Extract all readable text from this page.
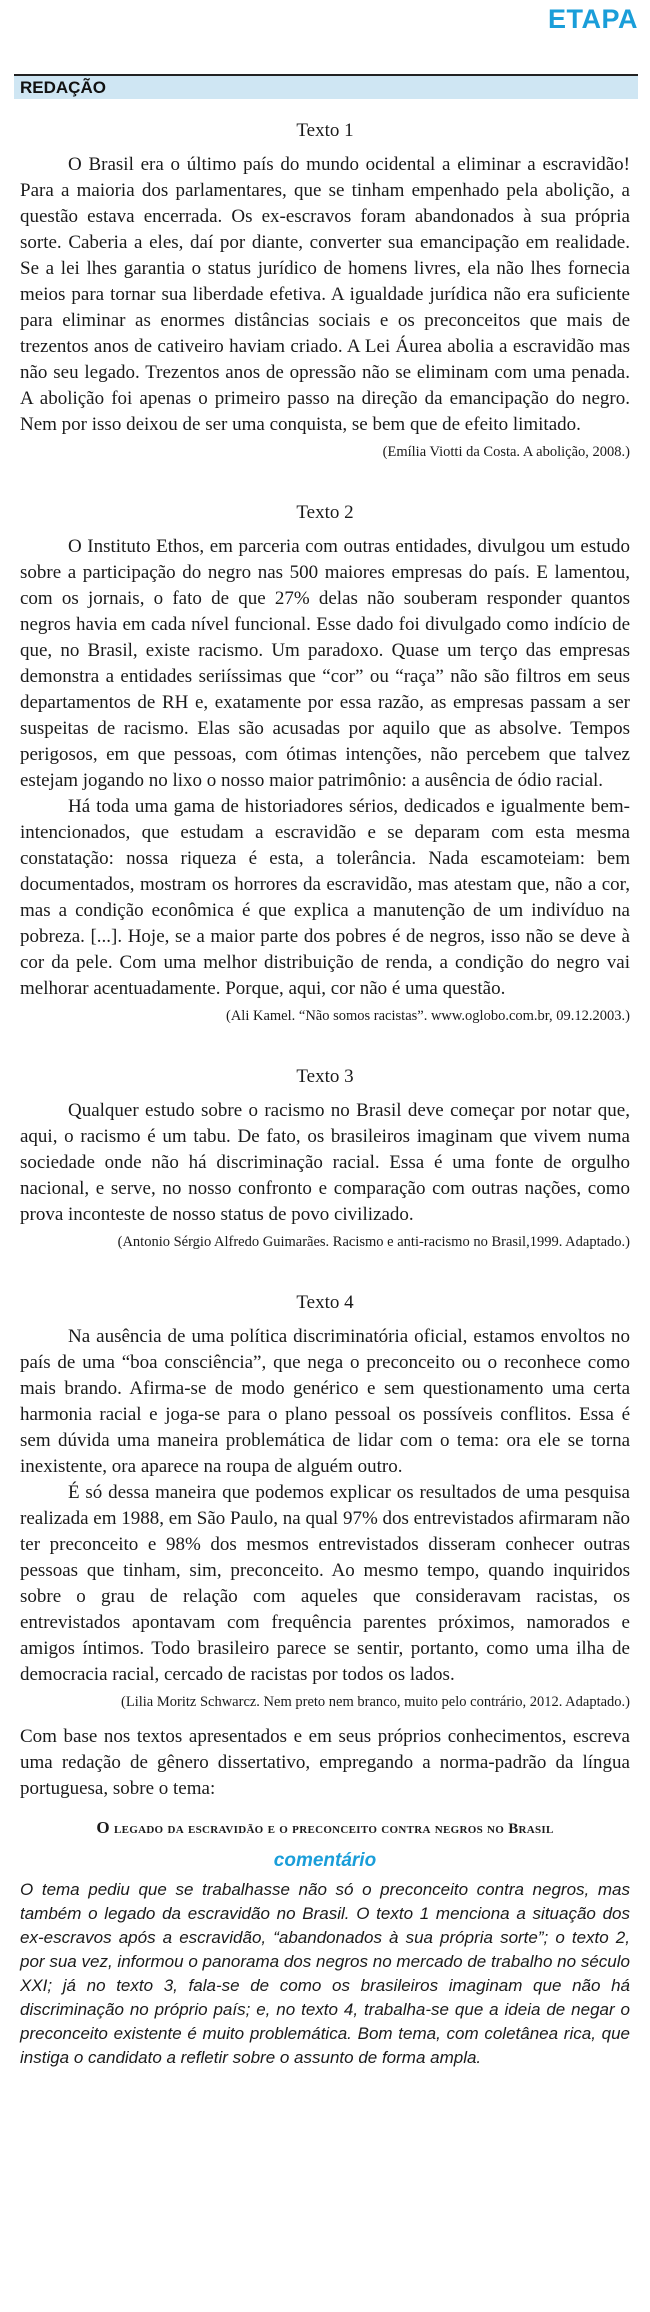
ETAPA
REDAÇÃO
Texto 1

O Brasil era o último país do mundo ocidental a eliminar a escravidão! Para a maioria dos parlamentares, que se tinham empenhado pela abolição, a questão estava encerrada. Os ex-escravos foram abandonados à sua própria sorte. Caberia a eles, daí por diante, converter sua emancipação em realidade. Se a lei lhes garantia o status jurídico de homens livres, ela não lhes fornecia meios para tornar sua liberdade efetiva. A igualdade jurídica não era suficiente para eliminar as enormes distâncias sociais e os preconceitos que mais de trezentos anos de cativeiro haviam criado. A Lei Áurea abolia a escravidão mas não seu legado. Trezentos anos de opressão não se eliminam com uma penada. A abolição foi apenas o primeiro passo na direção da emancipação do negro. Nem por isso deixou de ser uma conquista, se bem que de efeito limitado.

(Emília Viotti da Costa. A abolição, 2008.)

Texto 2

O Instituto Ethos, em parceria com outras entidades, divulgou um estudo sobre a participação do negro nas 500 maiores empresas do país. E lamentou, com os jornais, o fato de que 27% delas não souberam responder quantos negros havia em cada nível funcional. Esse dado foi divulgado como indício de que, no Brasil, existe racismo. Um paradoxo. Quase um terço das empresas demonstra a entidades seriíssimas que “cor” ou “raça” não são filtros em seus departamentos de RH e, exatamente por essa razão, as empresas passam a ser suspeitas de racismo. Elas são acusadas por aquilo que as absolve. Tempos perigosos, em que pessoas, com ótimas intenções, não percebem que talvez estejam jogando no lixo o nosso maior patrimônio: a ausência de ódio racial.

Há toda uma gama de historiadores sérios, dedicados e igualmente bem-intencionados, que estudam a escravidão e se deparam com esta mesma constatação: nossa riqueza é esta, a tolerância. Nada escamoteiam: bem documentados, mostram os horrores da escravidão, mas atestam que, não a cor, mas a condição econômica é que explica a manutenção de um indivíduo na pobreza. [...]. Hoje, se a maior parte dos pobres é de negros, isso não se deve à cor da pele. Com uma melhor distribuição de renda, a condição do negro vai melhorar acentuadamente. Porque, aqui, cor não é uma questão.

(Ali Kamel. “Não somos racistas”. www.oglobo.com.br, 09.12.2003.)

Texto 3

Qualquer estudo sobre o racismo no Brasil deve começar por notar que, aqui, o racismo é um tabu. De fato, os brasileiros imaginam que vivem numa sociedade onde não há discriminação racial. Essa é uma fonte de orgulho nacional, e serve, no nosso confronto e comparação com outras nações, como prova inconteste de nosso status de povo civilizado.

(Antonio Sérgio Alfredo Guimarães. Racismo e anti-racismo no Brasil,1999. Adaptado.)

Texto 4

Na ausência de uma política discriminatória oficial, estamos envoltos no país de uma “boa consciência”, que nega o preconceito ou o reconhece como mais brando. Afirma-se de modo genérico e sem questionamento uma certa harmonia racial e joga-se para o plano pessoal os possíveis conflitos. Essa é sem dúvida uma maneira problemática de lidar com o tema: ora ele se torna inexistente, ora aparece na roupa de alguém outro.

É só dessa maneira que podemos explicar os resultados de uma pesquisa realizada em 1988, em São Paulo, na qual 97% dos entrevistados afirmaram não ter preconceito e 98% dos mesmos entrevistados disseram conhecer outras pessoas que tinham, sim, preconceito. Ao mesmo tempo, quando inquiridos sobre o grau de relação com aqueles que consideravam racistas, os entrevistados apontavam com frequência parentes próximos, namorados e amigos íntimos. Todo brasileiro parece se sentir, portanto, como uma ilha de democracia racial, cercado de racistas por todos os lados.

(Lilia Moritz Schwarcz. Nem preto nem branco, muito pelo contrário, 2012. Adaptado.)

Com base nos textos apresentados e em seus próprios conhecimentos, escreva uma redação de gênero dissertativo, empregando a norma-padrão da língua portuguesa, sobre o tema:

O legado da escravidão e o preconceito contra negros no Brasil
comentário

O tema pediu que se trabalhasse não só o preconceito contra negros, mas também o legado da escravidão no Brasil. O texto 1 menciona a situação dos ex-escravos após a escravidão, “abandonados à sua própria sorte”; o texto 2, por sua vez, informou o panorama dos negros no mercado de trabalho no século XXI; já no texto 3, fala-se de como os brasileiros imaginam que não há discriminação no próprio país; e, no texto 4, trabalha-se que a ideia de negar o preconceito existente é muito problemática. Bom tema, com coletânea rica, que instiga o candidato a refletir sobre o assunto de forma ampla.
